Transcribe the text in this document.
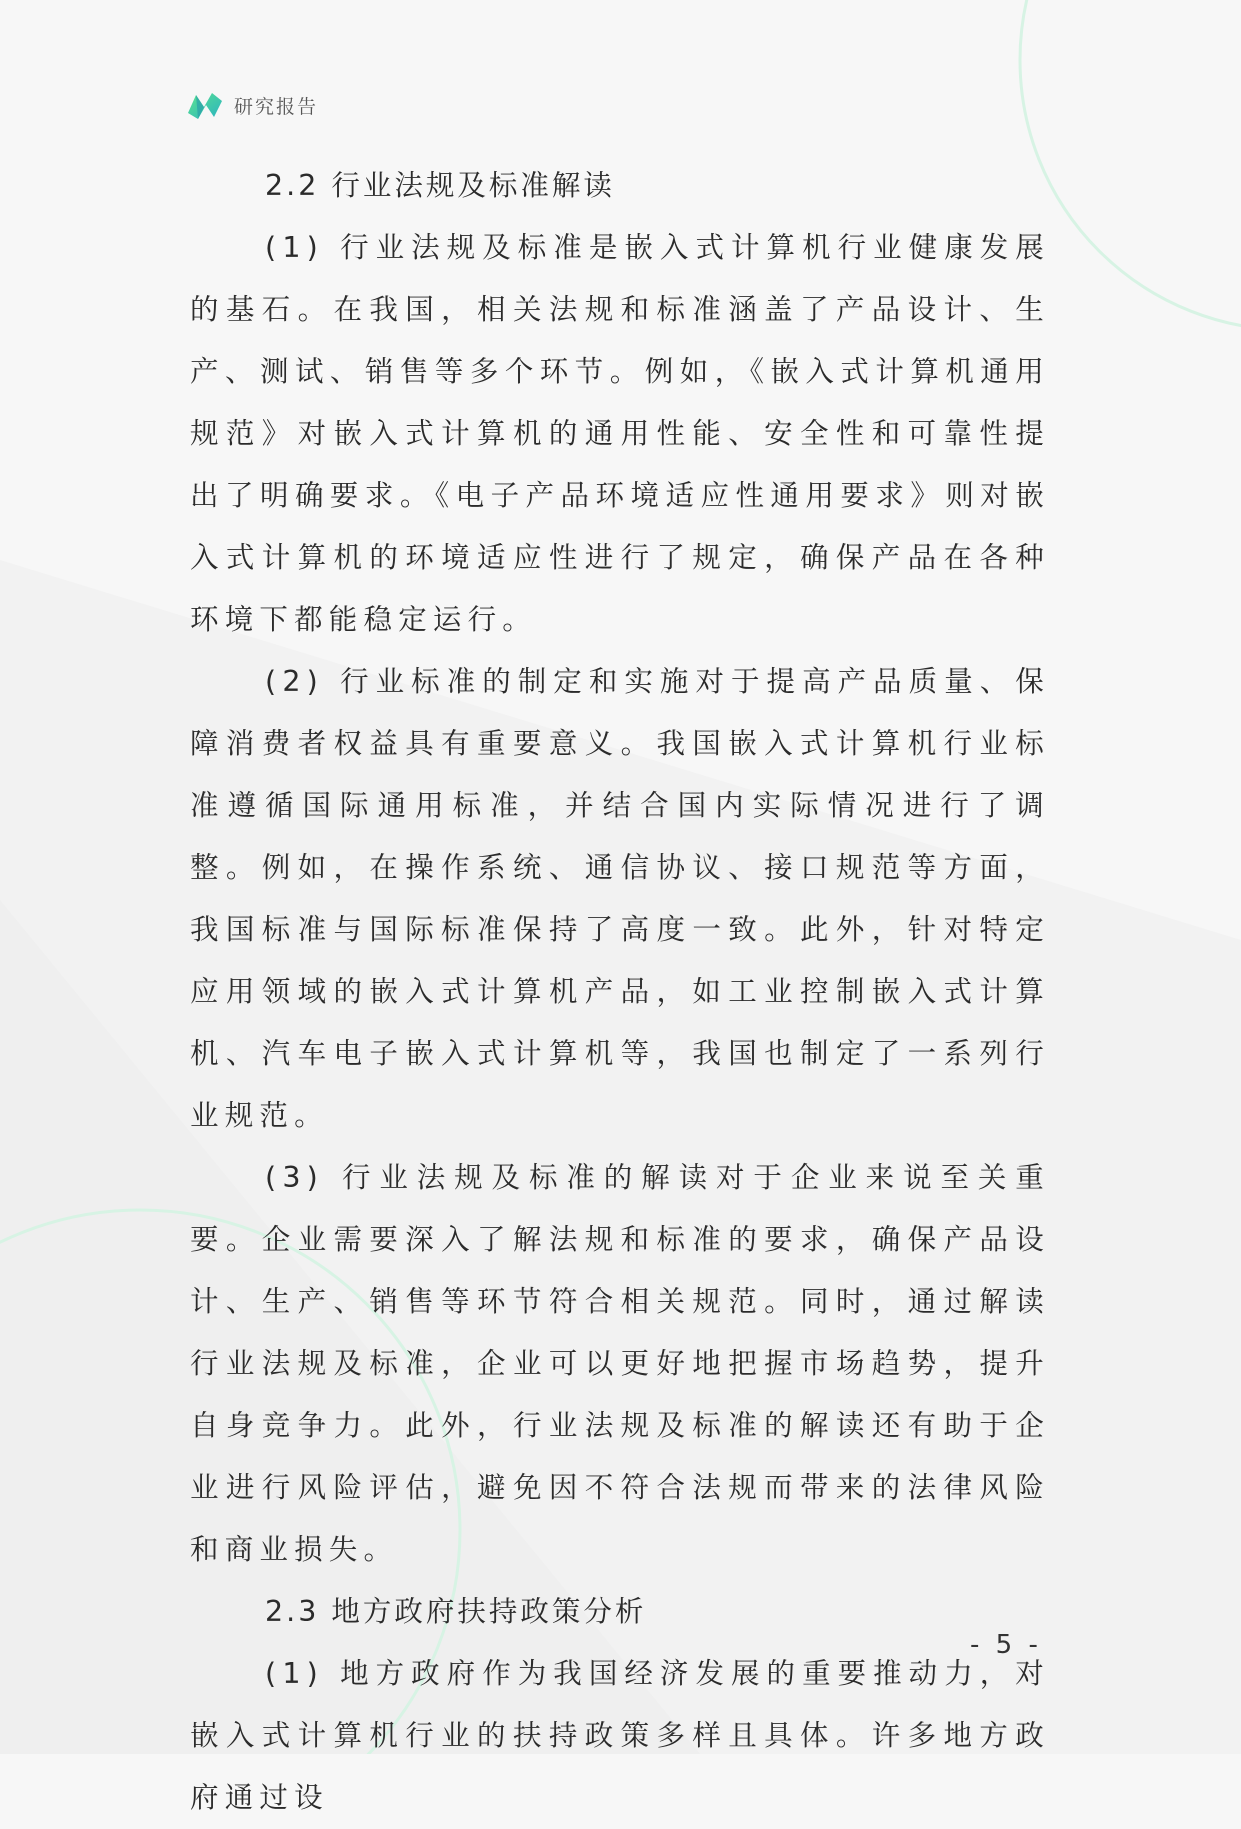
研究报告

2.2 行业法规及标准解读

(1) 行业法规及标准是嵌入式计算机行业健康发展的基石。在我国，相关法规和标准涵盖了产品设计、生产、测试、销售等多个环节。例如，《嵌入式计算机通用规范》对嵌入式计算机的通用性能、安全性和可靠性提出了明确要求。《电子产品环境适应性通用要求》则对嵌入式计算机的环境适应性进行了规定，确保产品在各种环境下都能稳定运行。

(2) 行业标准的制定和实施对于提高产品质量、保障消费者权益具有重要意义。我国嵌入式计算机行业标准遵循国际通用标准，并结合国内实际情况进行了调整。例如，在操作系统、通信协议、接口规范等方面，我国标准与国际标准保持了高度一致。此外，针对特定应用领域的嵌入式计算机产品，如工业控制嵌入式计算机、汽车电子嵌入式计算机等，我国也制定了一系列行业规范。

(3) 行业法规及标准的解读对于企业来说至关重要。企业需要深入了解法规和标准的要求，确保产品设计、生产、销售等环节符合相关规范。同时，通过解读行业法规及标准，企业可以更好地把握市场趋势，提升自身竞争力。此外，行业法规及标准的解读还有助于企业进行风险评估，避免因不符合法规而带来的法律风险和商业损失。

2.3 地方政府扶持政策分析

(1) 地方政府作为我国经济发展的重要推动力，对嵌入式计算机行业的扶持政策多样且具体。许多地方政府通过设

- 5 -
